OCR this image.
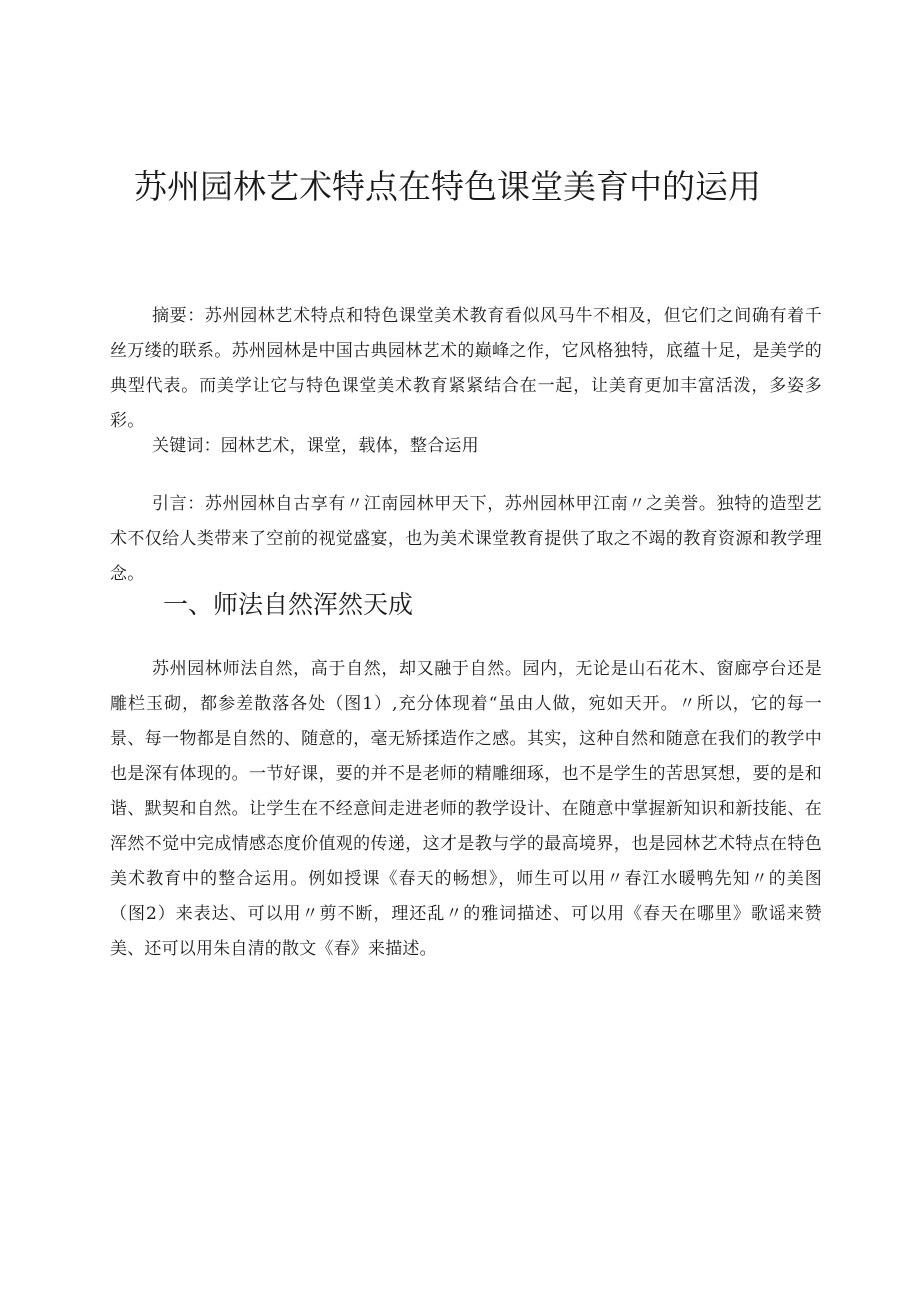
苏州园林艺术特点在特色课堂美育中的运用

摘要：苏州园林艺术特点和特色课堂美术教育看似风马牛不相及，但它们之间确有着千丝万缕的联系。苏州园林是中国古典园林艺术的巅峰之作，它风格独特，底蕴十足，是美学的典型代表。而美学让它与特色课堂美术教育紧紧结合在一起，让美育更加丰富活泼，多姿多彩。

关键词：园林艺术，课堂，载体，整合运用

引言：苏州园林自古享有〃江南园林甲天下，苏州园林甲江南〃之美誉。独特的造型艺术不仅给人类带来了空前的视觉盛宴，也为美术课堂教育提供了取之不竭的教育资源和教学理念。

一、师法自然浑然天成

苏州园林师法自然，高于自然，却又融于自然。园内，无论是山石花木、窗廊亭台还是雕栏玉砌，都参差散落各处（图1）,充分体现着“虽由人做，宛如天开。〃所以，它的每一景、每一物都是自然的、随意的，毫无矫揉造作之感。其实，这种自然和随意在我们的教学中也是深有体现的。一节好课，要的并不是老师的精雕细琢，也不是学生的苦思冥想，要的是和谐、默契和自然。让学生在不经意间走进老师的教学设计、在随意中掌握新知识和新技能、在浑然不觉中完成情感态度价值观的传递，这才是教与学的最高境界，也是园林艺术特点在特色美术教育中的整合运用。例如授课《春天的畅想》，师生可以用〃春江水暖鸭先知〃的美图（图2）来表达、可以用〃剪不断，理还乱〃的雅词描述、可以用《春天在哪里》歌谣来赞美、还可以用朱自清的散文《春》来描述。
